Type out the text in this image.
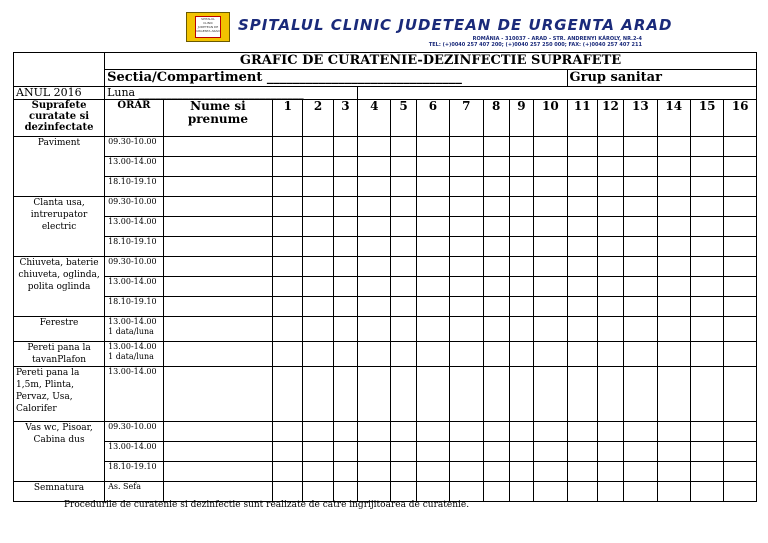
SPITALUL CLINIC JUDETEAN DE URGENTA ARAD SPITALUL CLINIC JUDETEAN DE URGENTA ARAD
ROMÂNIA - 310037 - ARAD - STR. ANDRENYI KÁROLY, NR.2-4
TEL: (+)0040 257 407 200; (+)0040 257 250 000; FAX: (+)0040 257 407 211
	GRAFIC DE CURATENIE-DEZINFECTIE SUPRAFETE																	
	Sectia/Compartiment ______________________________												Grup sanitar					
ANUL 2016	Luna ______________________________																	
Suprafete curatate si dezinfectate	ORAR	Nume si prenume	1	2	3	4	5	6	7	8	9	10	11	12	13	14	15	16
Paviment	09.30-10.00																	
	13.00-14.00																	
	18.10-19.10																	
Clanta usa, intrerupator electric	09.30-10.00																	
	13.00-14.00																	
	18.10-19.10																	
Chiuveta, baterie chiuveta, oglinda, polita oglinda	09.30-10.00																	
	13.00-14.00																	
	18.10-19.10																	
Ferestre	13.00-14.00 1 data/luna																	
Pereti pana la tavanPlafon	13.00-14.00 1 data/luna																	
Pereti pana la 1,5m, Plinta, Pervaz, Usa, Calorifer	13.00-14.00																	
Vas wc, Pisoar, Cabina dus	09.30-10.00																	
	13.00-14.00																	
	18.10-19.10																	
Semnatura	As. Sefa																	
Procedurile de curatenie si dezinfectie sunt realizate de catre ingrijitoarea de curatenie.
